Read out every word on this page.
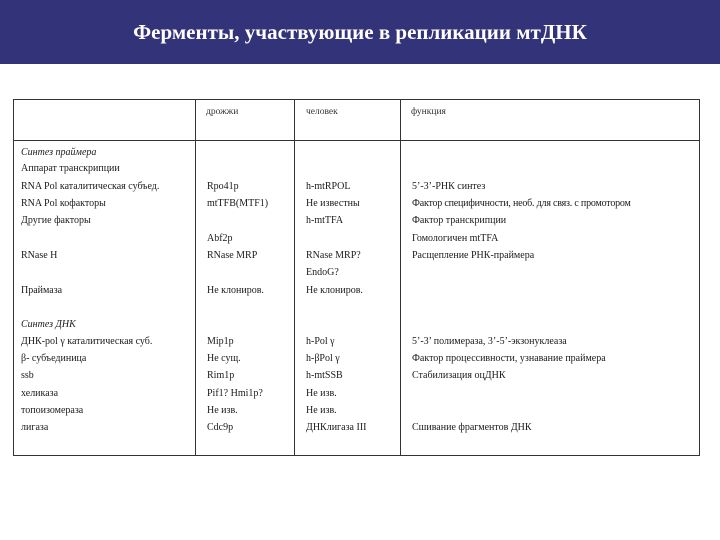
Ферменты, участвующие в репликации мтДНК
дрожжи	человек	функция
Синтез праймера
Аппарат транскрипции
RNA Pol каталитическая субъед.
RNA Pol кофакторы
Другие факторы
RNase H
Праймаза
Синтез ДНК
ДНК-pol γ каталитическая суб.
β- субъединица
ssb
хеликаза
топоизомераза
лигаза
Rpo41p
mtTFB(MTF1)
Abf2p
RNase MRP
Не клониров.
Mip1p
Не сущ.
Rim1p
Pif1? Hmi1p?
Не изв.
Cdc9p
h-mtRPOL
Не известны
h-mtTFA
RNase MRP?
EndoG?
Не клониров.
h-Pol γ
h-βPol γ
h-mtSSB
Не изв.
Не изв.
ДНКлигаза III
5’-3’-РНК синтез
Фактор специфичности, необ. для связ. с промотором
Фактор транскрипции
Гомологичен mtTFA
Расщепление РНК-праймера
5’-3’ полимераза, 3’-5’-экзонуклеаза
Фактор процессивности, узнавание праймера
Стабилизация оцДНК
Сшивание фрагментов ДНК
